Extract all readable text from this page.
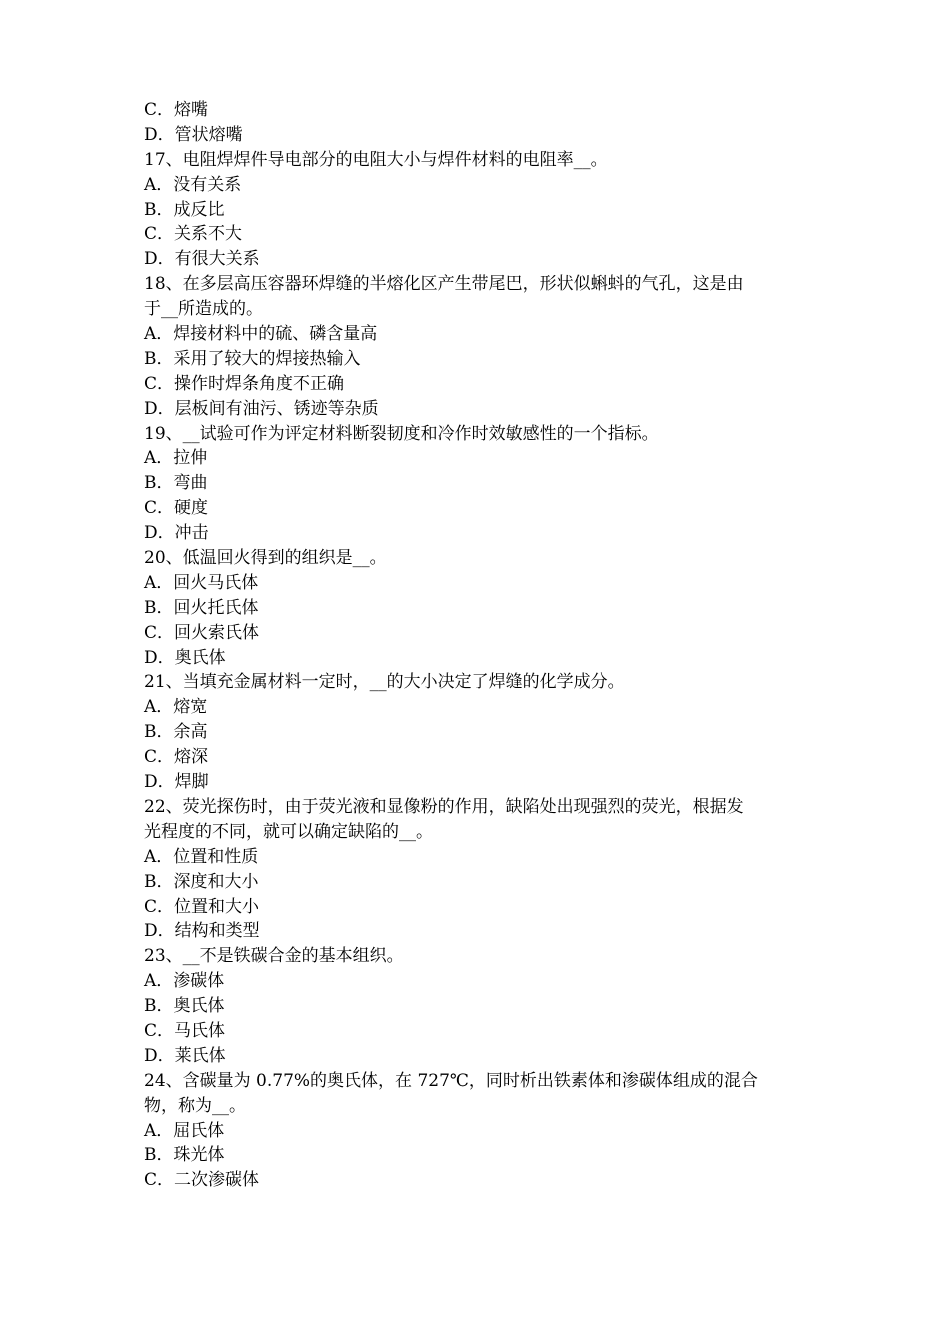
C．熔嘴
D．管状熔嘴
17、电阻焊焊件导电部分的电阻大小与焊件材料的电阻率__。
A．没有关系
B．成反比
C．关系不大
D．有很大关系
18、在多层高压容器环焊缝的半熔化区产生带尾巴，形状似蝌蚪的气孔，这是由
于__所造成的。
A．焊接材料中的硫、磷含量高
B．采用了较大的焊接热输入
C．操作时焊条角度不正确
D．层板间有油污、锈迹等杂质
19、__试验可作为评定材料断裂韧度和冷作时效敏感性的一个指标。
A．拉伸
B．弯曲
C．硬度
D．冲击
20、低温回火得到的组织是__。
A．回火马氏体
B．回火托氏体
C．回火索氏体
D．奥氏体
21、当填充金属材料一定时，__的大小决定了焊缝的化学成分。
A．熔宽
B．余高
C．熔深
D．焊脚
22、荧光探伤时，由于荧光液和显像粉的作用，缺陷处出现强烈的荧光，根据发
光程度的不同，就可以确定缺陷的__。
A．位置和性质
B．深度和大小
C．位置和大小
D．结构和类型
23、__不是铁碳合金的基本组织。
A．渗碳体
B．奥氏体
C．马氏体
D．莱氏体
24、含碳量为 0.77%的奥氏体，在 727℃，同时析出铁素体和渗碳体组成的混合
物，称为__。
A．屈氏体
B．珠光体
C．二次渗碳体
